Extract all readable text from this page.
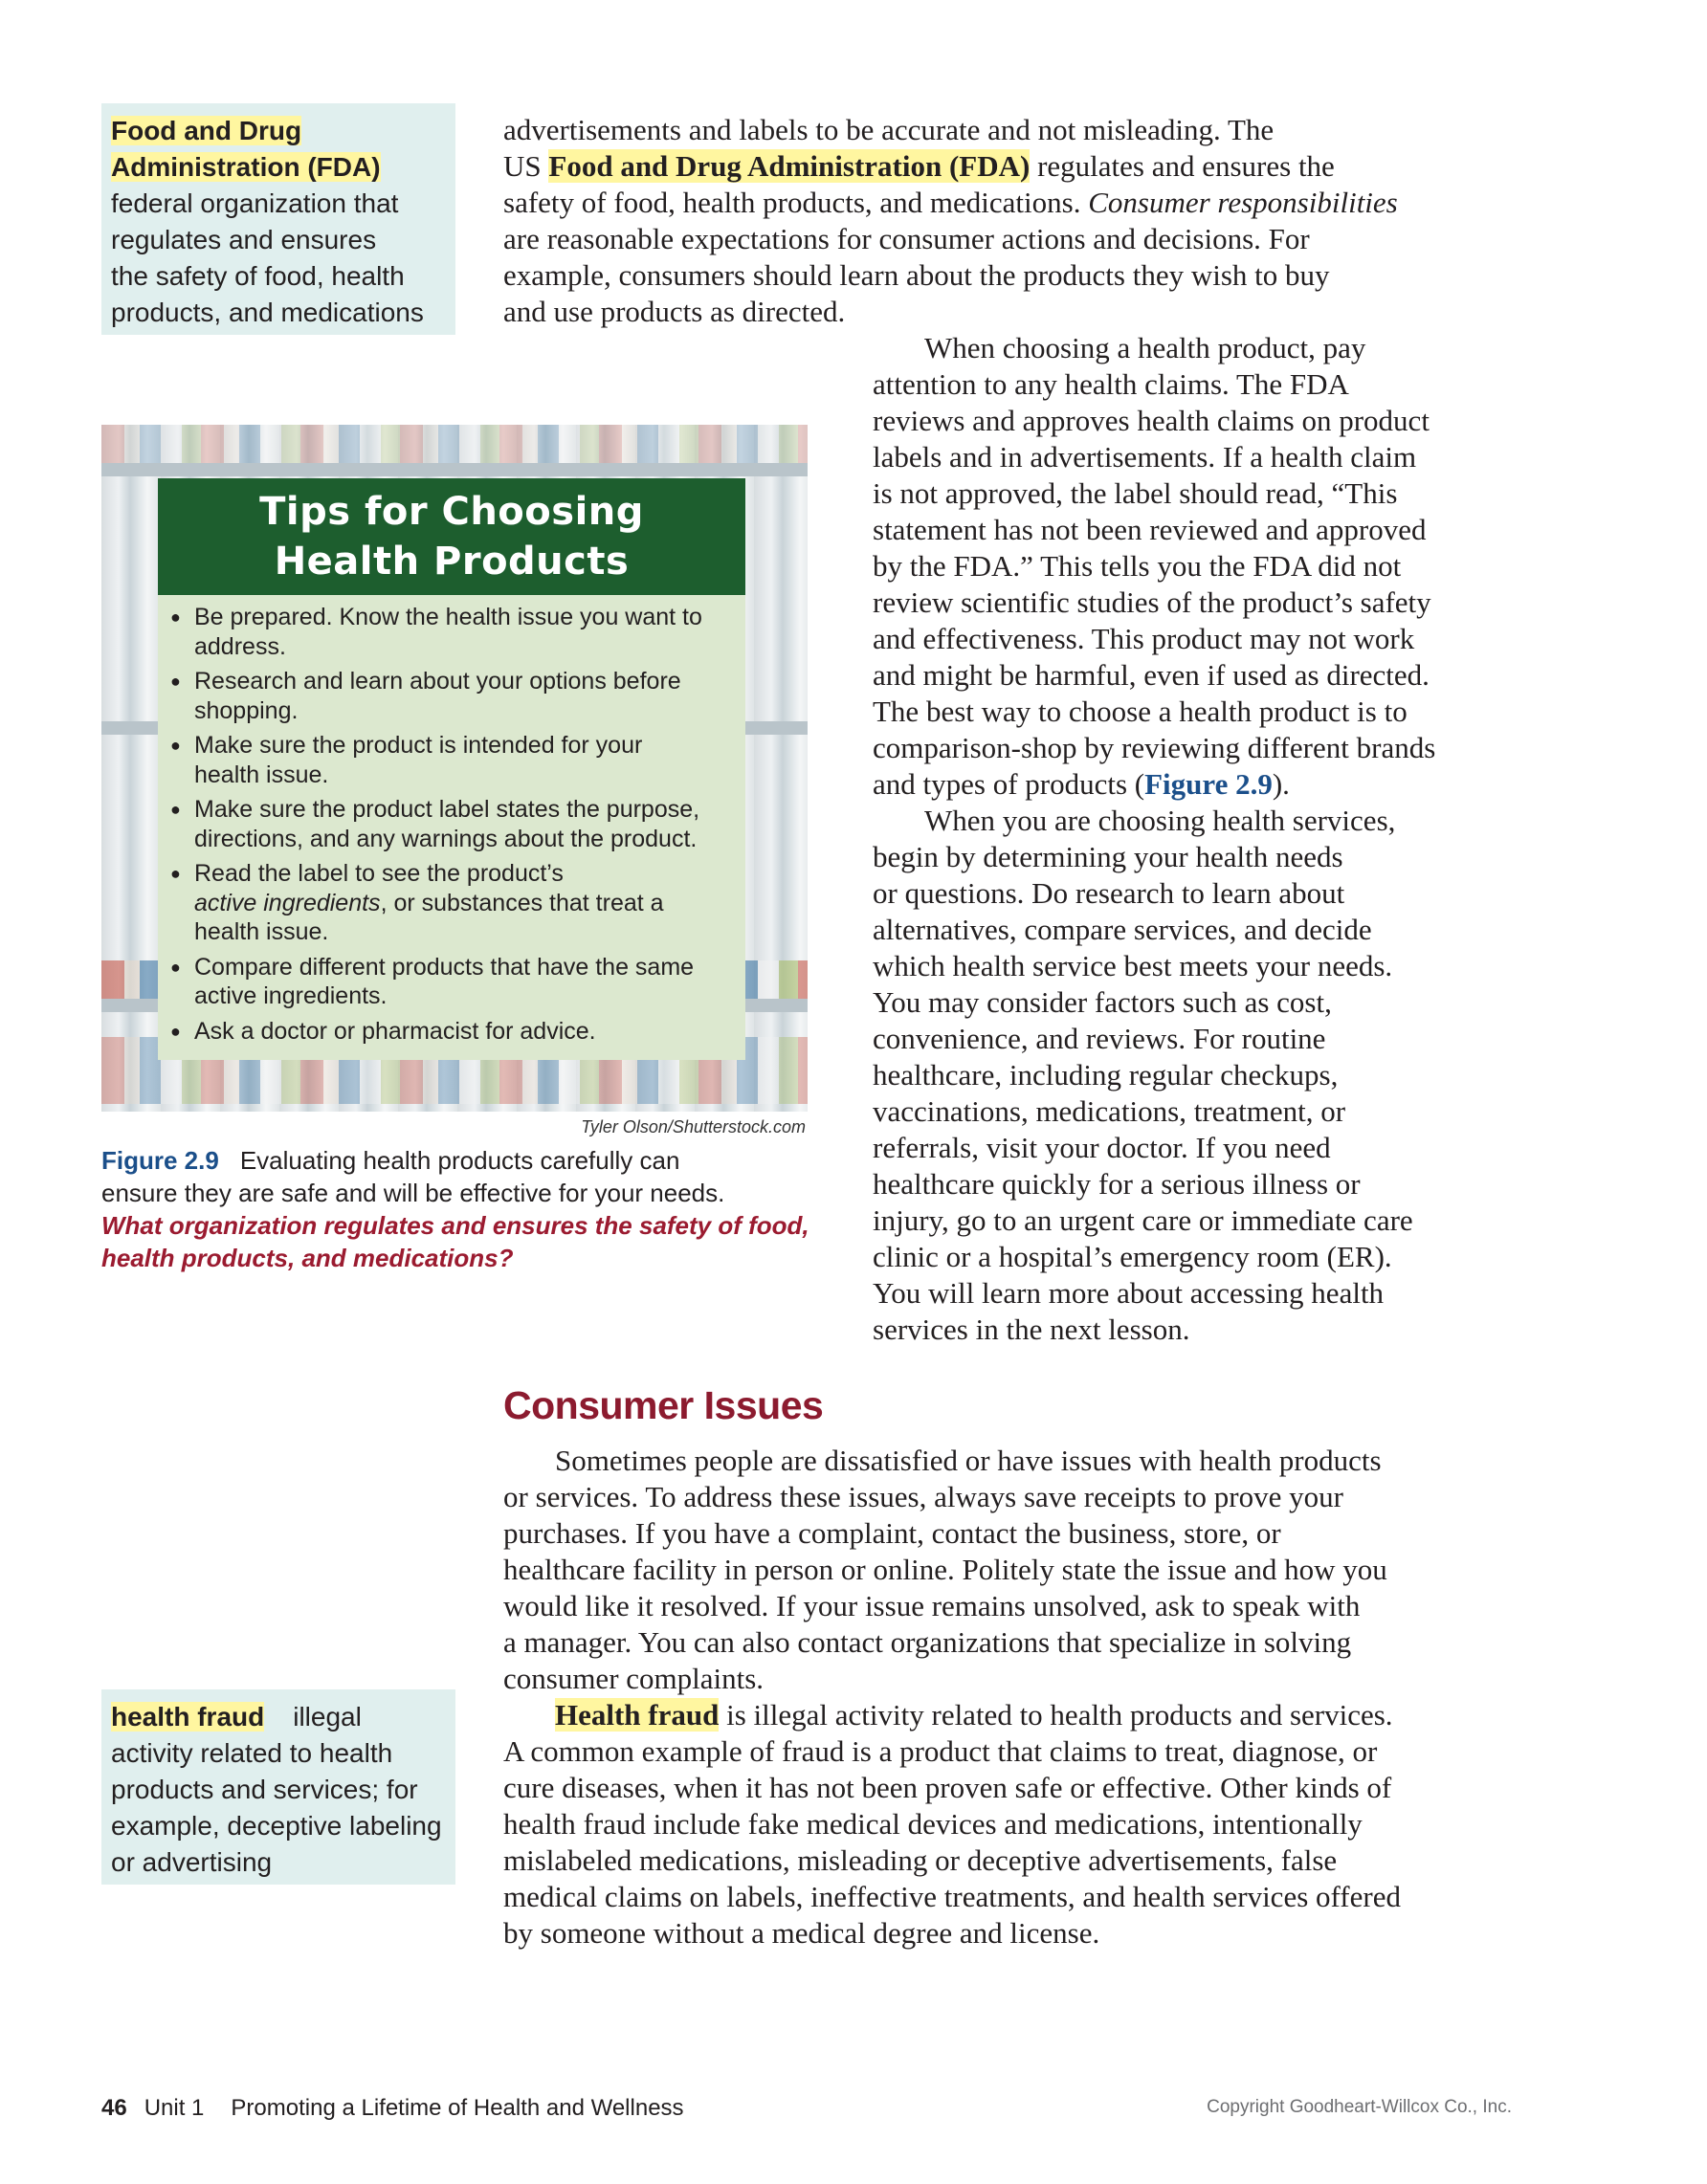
Food and Drug
Administration (FDA)
federal organization that
regulates and ensures
the safety of food, health
products, and medications

advertisements and labels to be accurate and not misleading. The

US Food and Drug Administration (FDA) regulates and ensures the

safety of food, health products, and medications. Consumer responsibilities

are reasonable expectations for consumer actions and decisions. For

example, consumers should learn about the products they wish to buy

and use products as directed.

When choosing a health product, pay

attention to any health claims. The FDA

reviews and approves health claims on product

labels and in advertisements. If a health claim

is not approved, the label should read, “This

statement has not been reviewed and approved

by the FDA.” This tells you the FDA did not

review scientific studies of the product’s safety

and effectiveness. This product may not work

and might be harmful, even if used as directed.

The best way to choose a health product is to

comparison-shop by reviewing different brands

and types of products (Figure 2.9).

When you are choosing health services,

begin by determining your health needs

or questions. Do research to learn about

alternatives, compare services, and decide

which health service best meets your needs.

You may consider factors such as cost,

convenience, and reviews. For routine

healthcare, including regular checkups,

vaccinations, medications, treatment, or

referrals, visit your doctor. If you need

healthcare quickly for a serious illness or

injury, go to an urgent care or immediate care

clinic or a hospital’s emergency room (ER).

You will learn more about accessing health

services in the next lesson.

Tips for Choosing
Health Products
● Be prepared. Know the health issue you want to
address.
● Research and learn about your options before
shopping.
● Make sure the product is intended for your
health issue.
● Make sure the product label states the purpose,
directions, and any warnings about the product.
● Read the label to see the product’s
active ingredients, or substances that treat a
health issue.
● Compare different products that have the same
active ingredients.
● Ask a doctor or pharmacist for advice.
Tyler Olson/Shutterstock.com
Figure 2.9 Evaluating health products carefully can
ensure they are safe and will be effective for your needs.
What organization regulates and ensures the safety of food,
health products, and medications?
Consumer Issues

Sometimes people are dissatisfied or have issues with health products

or services. To address these issues, always save receipts to prove your

purchases. If you have a complaint, contact the business, store, or

healthcare facility in person or online. Politely state the issue and how you

would like it resolved. If your issue remains unsolved, ask to speak with

a manager. You can also contact organizations that specialize in solving

consumer complaints.

Health fraud is illegal activity related to health products and services.

A common example of fraud is a product that claims to treat, diagnose, or

cure diseases, when it has not been proven safe or effective. Other kinds of

health fraud include fake medical devices and medications, intentionally

mislabeled medications, misleading or deceptive advertisements, false

medical claims on labels, ineffective treatments, and health services offered

by someone without a medical degree and license.

health fraud illegal
activity related to health
products and services; for
example, deceptive labeling
or advertising
46 Unit 1 Promoting a Lifetime of Health and Wellness	Copyright Goodheart-Willcox Co., Inc.
